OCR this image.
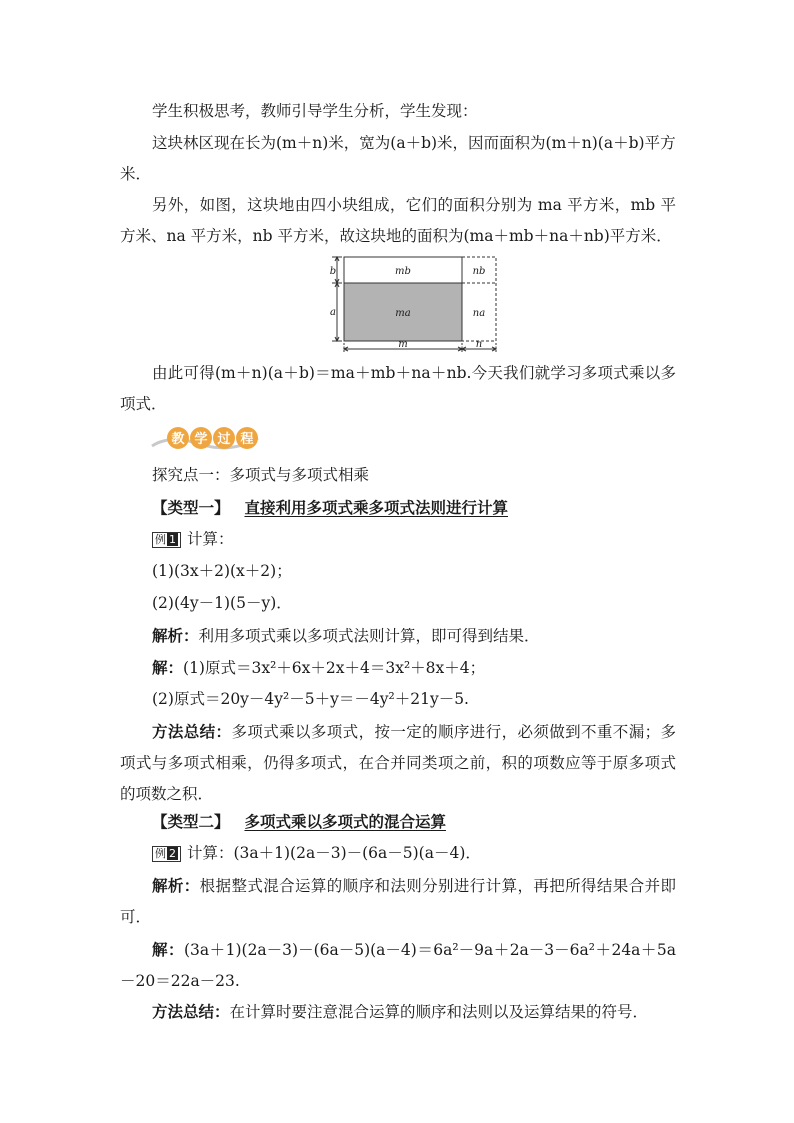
学生积极思考，教师引导学生分析，学生发现：

这块林区现在长为(m＋n)米，宽为(a＋b)米，因而面积为(m＋n)(a＋b)平方米．

另外，如图，这块地由四小块组成，它们的面积分别为 ma 平方米，mb 平方米、na 平方米，nb 平方米，故这块地的面积为(ma＋mb＋na＋nb)平方米．

mb	nb
ma	na
b
a
m	n

由此可得(m＋n)(a＋b)＝ma＋mb＋na＋nb.今天我们就学习多项式乘以多项式．

教 学 过 程

探究点一：多项式与多项式相乘

【类型一】 直接利用多项式乘多项式法则进行计算

例 1 计算：

(1)(3x＋2)(x＋2)；

(2)(4y－1)(5－y)．

解析：利用多项式乘以多项式法则计算，即可得到结果．

解：(1)原式＝3x²＋6x＋2x＋4＝3x²＋8x＋4；

(2)原式＝20y－4y²－5＋y＝－4y²＋21y－5.

方法总结：多项式乘以多项式，按一定的顺序进行，必须做到不重不漏；多项式与多项式相乘，仍得多项式，在合并同类项之前，积的项数应等于原多项式的项数之积．

【类型二】 多项式乘以多项式的混合运算

例 2 计算：(3a＋1)(2a－3)－(6a－5)(a－4)．

解析：根据整式混合运算的顺序和法则分别进行计算，再把所得结果合并即可．

解：(3a＋1)(2a－3)－(6a－5)(a－4)＝6a²－9a＋2a－3－6a²＋24a＋5a－20＝22a－23.

方法总结：在计算时要注意混合运算的顺序和法则以及运算结果的符号．
